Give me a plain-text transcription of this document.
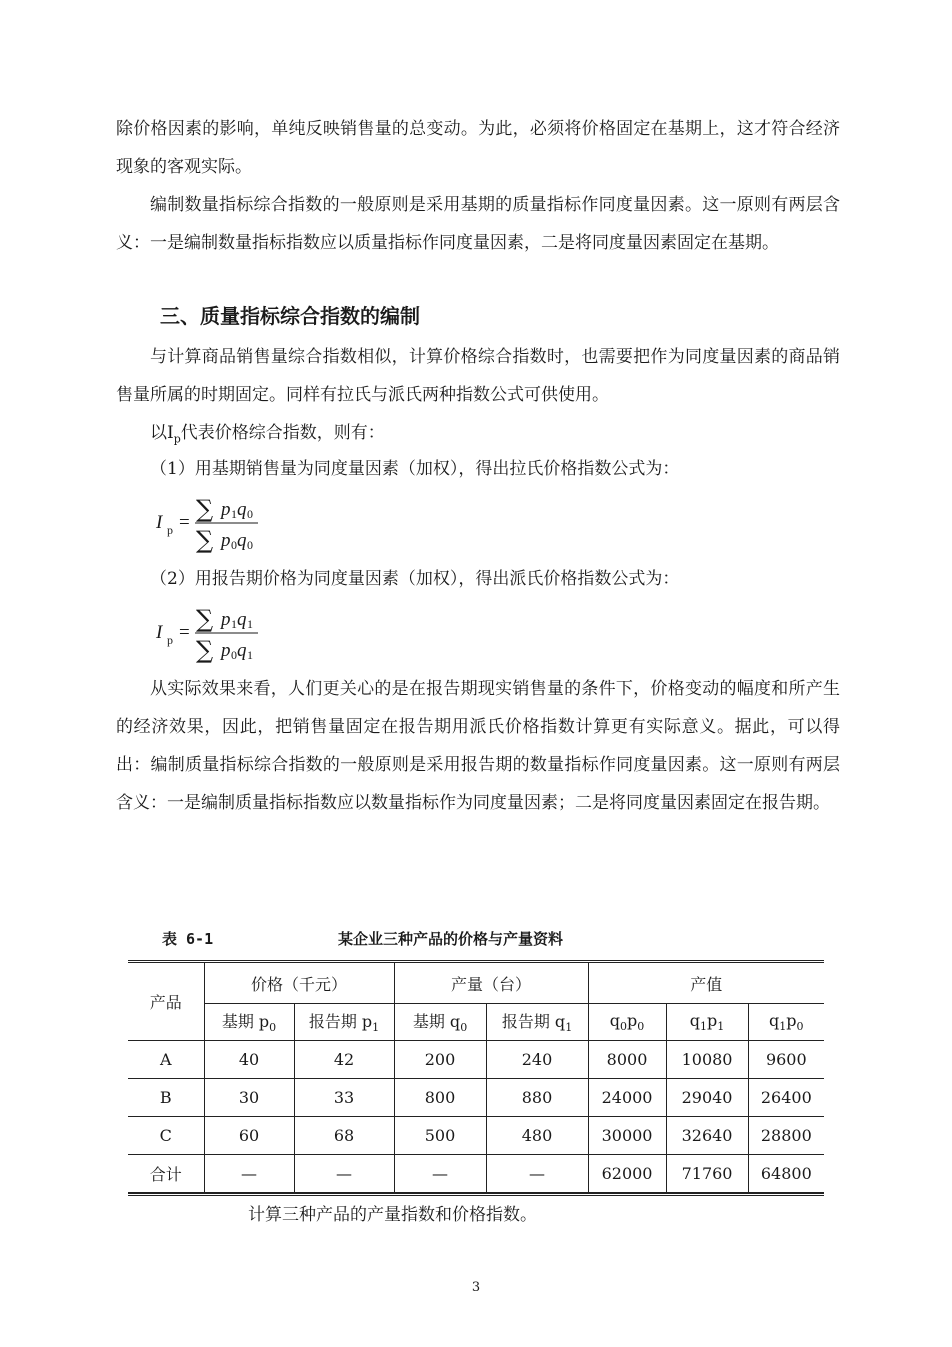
除价格因素的影响，单纯反映销售量的总变动。为此，必须将价格固定在基期上，这才符合经济现象的客观实际。

编制数量指标综合指数的一般原则是采用基期的质量指标作同度量因素。这一原则有两层含义：一是编制数量指标指数应以质量指标作同度量因素，二是将同度量因素固定在基期。

三、质量指标综合指数的编制

与计算商品销售量综合指数相似，计算价格综合指数时，也需要把作为同度量因素的商品销售量所属的时期固定。同样有拉氏与派氏两种指数公式可供使用。

以$I_p$代表价格综合指数，则有：

（1）用基期销售量为同度量因素（加权），得出拉氏价格指数公式为：

I p = ∑ p 1 q 0
∑ p 0 q 0

（2）用报告期价格为同度量因素（加权），得出派氏价格指数公式为：

I p = ∑ p 1 q 1
∑ p 0 q 1

从实际效果来看，人们更关心的是在报告期现实销售量的条件下，价格变动的幅度和所产生的经济效果，因此，把销售量固定在报告期用派氏价格指数计算更有实际意义。据此，可以得出：编制质量指标综合指数的一般原则是采用报告期的数量指标作同度量因素。这一原则有两层含义：一是编制质量指标指数应以数量指标作为同度量因素；二是将同度量因素固定在报告期。

表 6-1	某企业三种产品的价格与产量资料

产品	价格（千元）		产量（台）		产值		
	基期 $p_0$	报告期 $p_1$	基期 $q_0$	报告期 $q_1$	$q_0p_0$	$q_1p_1$	$q_1p_0$
A	40	42	200	240	8000	10080	9600
B	30	33	800	880	24000	29040	26400
C	60	68	500	480	30000	32640	28800
合计	—	—	—	—	62000	71760	64800

计算三种产品的产量指数和价格指数。

3
